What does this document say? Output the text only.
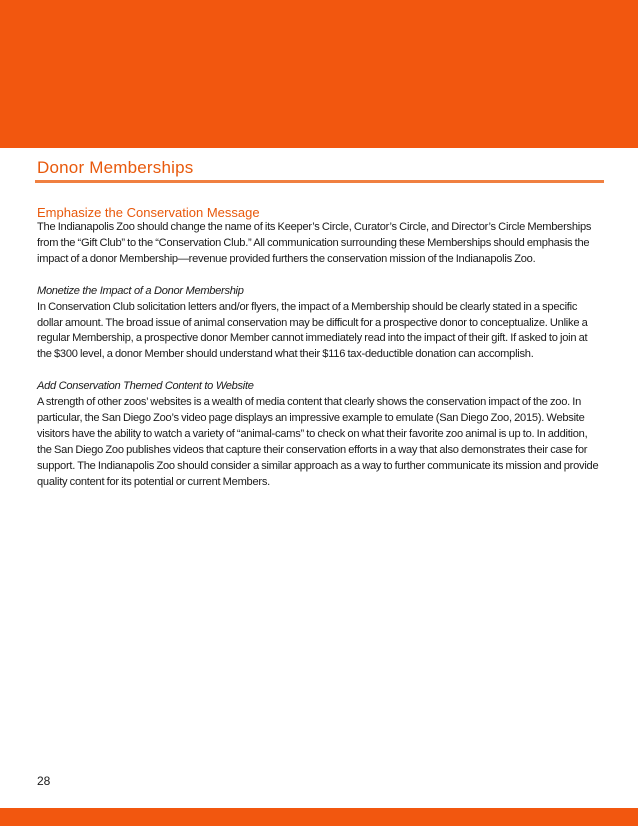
Donor Memberships

Emphasize the Conservation Message

The Indianapolis Zoo should change the name of its Keeper’s Circle, Curator’s Circle, and Director’s Circle Memberships from the “Gift Club” to the “Conservation Club.” All communication surrounding these Memberships should emphasis the impact of a donor Membership—revenue provided furthers the conservation mission of the Indianapolis Zoo.

Monetize the Impact of a Donor Membership

In Conservation Club solicitation letters and/or flyers, the impact of a Membership should be clearly stated in a specific dollar amount. The broad issue of animal conservation may be difficult for a prospective donor to conceptualize. Unlike a regular Membership, a prospective donor Member cannot immediately read into the impact of their gift. If asked to join at the $300 level, a donor Member should understand what their $116 tax-deductible donation can accomplish.

Add Conservation Themed Content to Website

A strength of other zoos’ websites is a wealth of media content that clearly shows the conservation impact of the zoo. In particular, the San Diego Zoo’s video page displays an impressive example to emulate (San Diego Zoo, 2015). Website visitors have the ability to watch a variety of “animal-cams” to check on what their favorite zoo animal is up to. In addition, the San Diego Zoo publishes videos that capture their conservation efforts in a way that also demonstrates their case for support. The Indianapolis Zoo should consider a similar approach as a way to further communicate its mission and provide quality content for its potential or current Members.

28
